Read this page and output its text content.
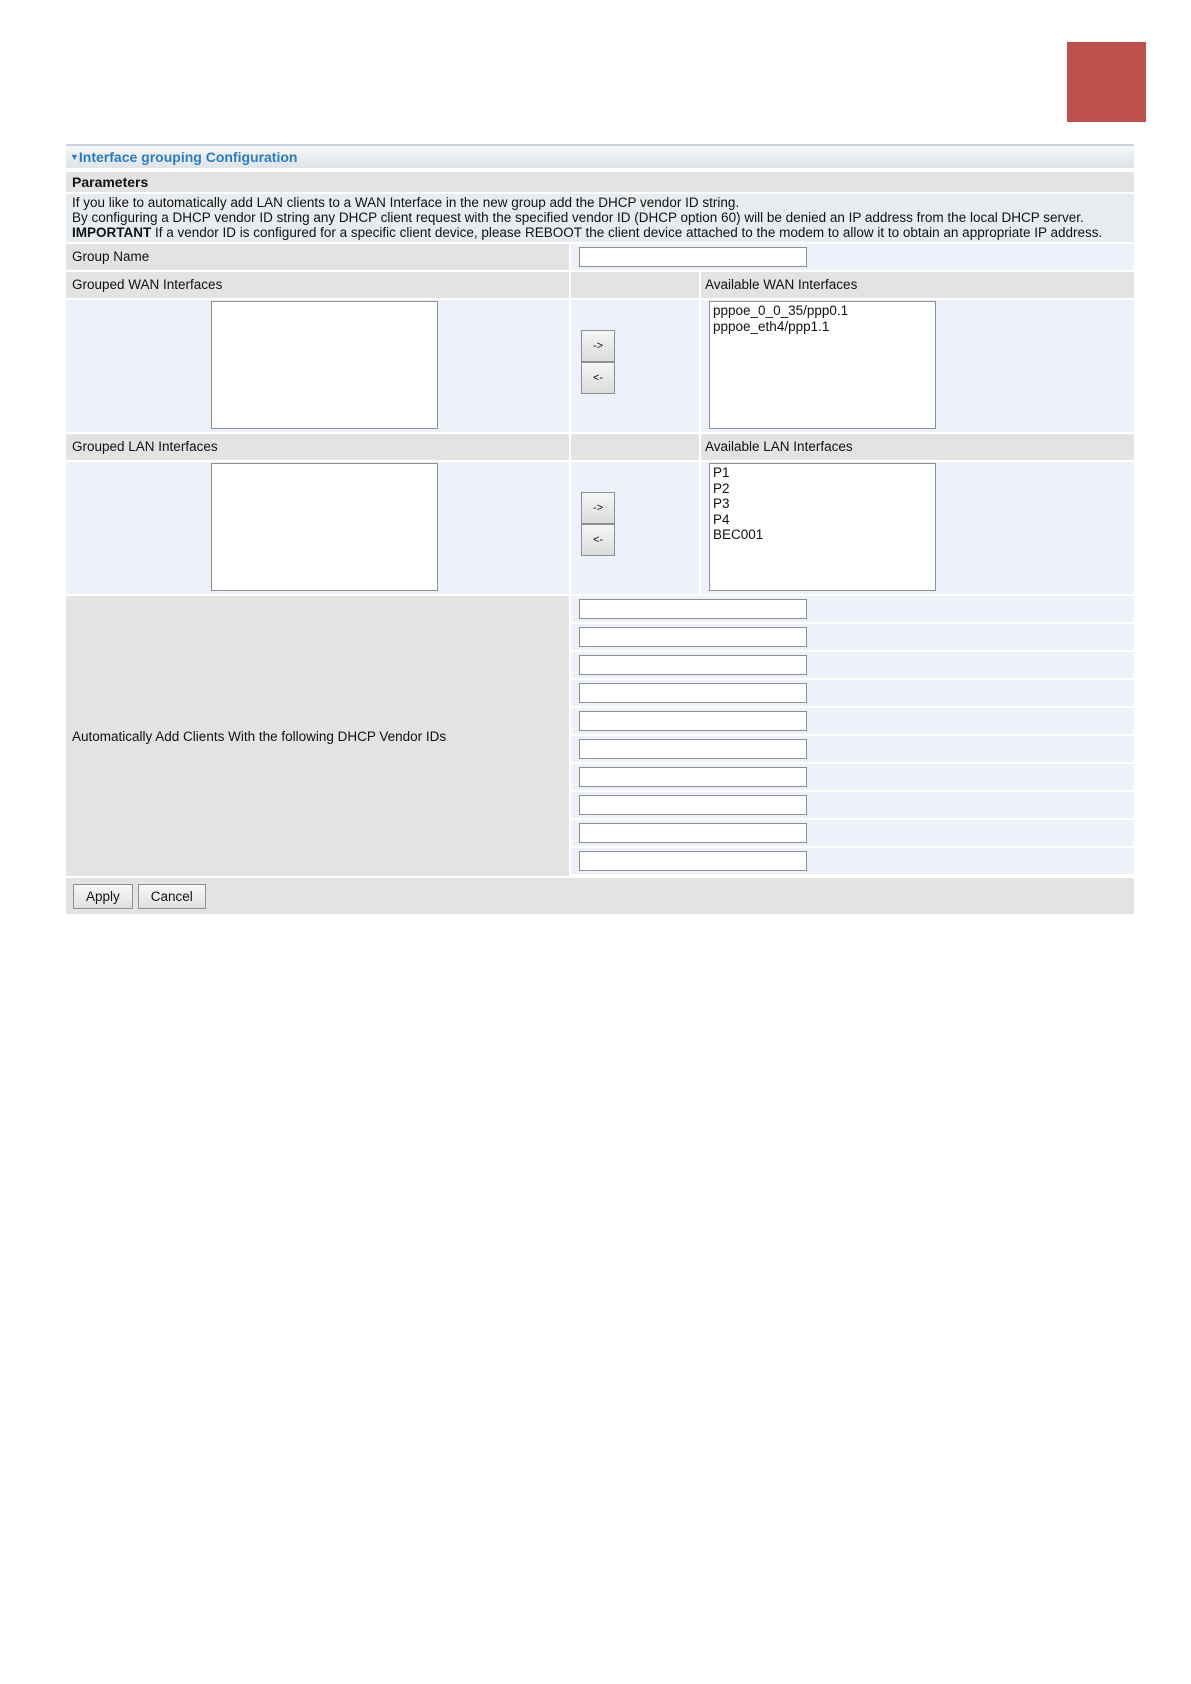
▼Interface grouping Configuration
Parameters
If you like to automatically add LAN clients to a WAN Interface in the new group add the DHCP vendor ID string.
By configuring a DHCP vendor ID string any DHCP client request with the specified vendor ID (DHCP option 60) will be denied an IP address from the local DHCP server.
IMPORTANT If a vendor ID is configured for a specific client device, please REBOOT the client device attached to the modem to allow it to obtain an appropriate IP address.
Group Name
Grouped WAN Interfaces	Available WAN Interfaces
->
<-
pppoe_0_0_35/ppp0.1
pppoe_eth4/ppp1.1
Grouped LAN Interfaces	Available LAN Interfaces
->
<-
P1
P2
P3
P4
BEC001
Automatically Add Clients With the following DHCP Vendor IDs
Apply	Cancel
